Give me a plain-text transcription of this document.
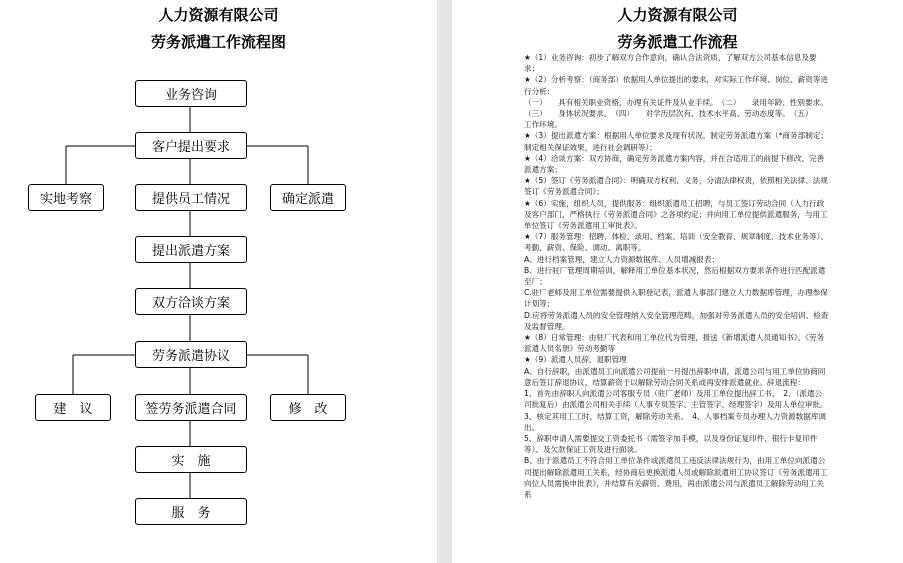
人力资源有限公司
劳务派遣工作流程图
业务咨询
客户提出要求
实地考察	提供员工情况	确定派遣
提出派遣方案
双方洽谈方案
劳务派遣协议
建　议	签劳务派遣合同	修　改
实　施
服　务
人力资源有限公司
劳务派遣工作流程

★（1）业务咨询：初步了解双方合作意向，确认合法资质，了解双方公司基本信息及要求；

★（2）分析考察：（商务部）依据用人单位提出的要求，对实际工作环境、岗位、薪资等进行分析：

（一）　　具有相关职业资格，办理有关证件及从业手续。　（二）　　录用年龄、性别要求。　（三）　　身体状况要求。　（四）　　对学历层次有、技术水平高、劳动态度等。　（五）　　工作环境。

★（3）提出派遣方案：根据用人单位要求及现有状况，制定劳务派遣方案（*商务部制定；制定相关保证效果，进行社会调研等）；

★（4）洽谈方案：双方协商，确定劳务派遣方案内容，并在合适用工的前提下修改、完善派遣方案；

★（5）签订《劳务派遣合同》：明确双方权利、义务，分清法律权责，依照相关法律、法规签订《劳务派遣合同》；

★（6）实施，组织人员，提供服务：组织派遣员工招聘，与员工签订劳动合同（人力行政及客户部门，严格执行《劳务派遣合同》之各项约定；并向用工单位提供派遣服务，与用工单位签订《劳务派遣用工审批表》。

★（7）服务管理：招聘、体检、录用、档案、培训（安全教育、规章制度、技术业务等）、考勤、薪资、保险、调动、离职等。

A、进行档案管理，建立人力资源数据库、人员增减报表；

B、进行驻厂管理周期培训，解释用工单位基本状况，然后根据双方要求条件进行匹配派遣至厂；

C.驻厂老师及用工单位需要提供入职登记表，派遣人事部门建立人力数据库管理，办理参保计划等；

D.应将劳务派遣人员的安全管理纳入安全管理范畴，加强对劳务派遣人员的安全培训、检查及监督管理。

★（8）日常管理：由驻厂代表和用工单位代为管理，报送《新增派遣人员通知书》、《劳务派遣人员名册》劳动考勤等

★（9）派遣人员辞、退职管理

A、自行辞职，由派遣员工向派遣公司提前一月提出辞职申请，派遣公司与用工单位协商同意后签订辞退协议，结算薪资于以解除劳动合同关系或再安排派遣就业。辞退流程：

1、首先由辞职人向派遣公司客服专员（驻厂老师）及用工单位提出辞工书，　2、（派遣公司批复后）由派遣公司相关手续（人事专员签字、主管签字、经理签字）及用人单位审批。

3、核定其用工工时，结算工资，解除劳动关系。　4、人事档案专员办理人力资源数据库调出。

5、辞职申请人需要提交工资委托书（需签字加手模，以及身份证复印件、银行卡复印件等）、及欠款保证工资及进行面谈。

B、由于派遣员工不符合用工单位条件或派遣员工违反法律法规行为，由用工单位向派遣公司提出解除派遣用工关系，经协商后更换派遣人员或解除派遣用工协议签订《劳务派遣用工向位人员需换申批表》，并结算有关薪资、费用，再由派遣公司与派遣员工解除劳动用工关系
